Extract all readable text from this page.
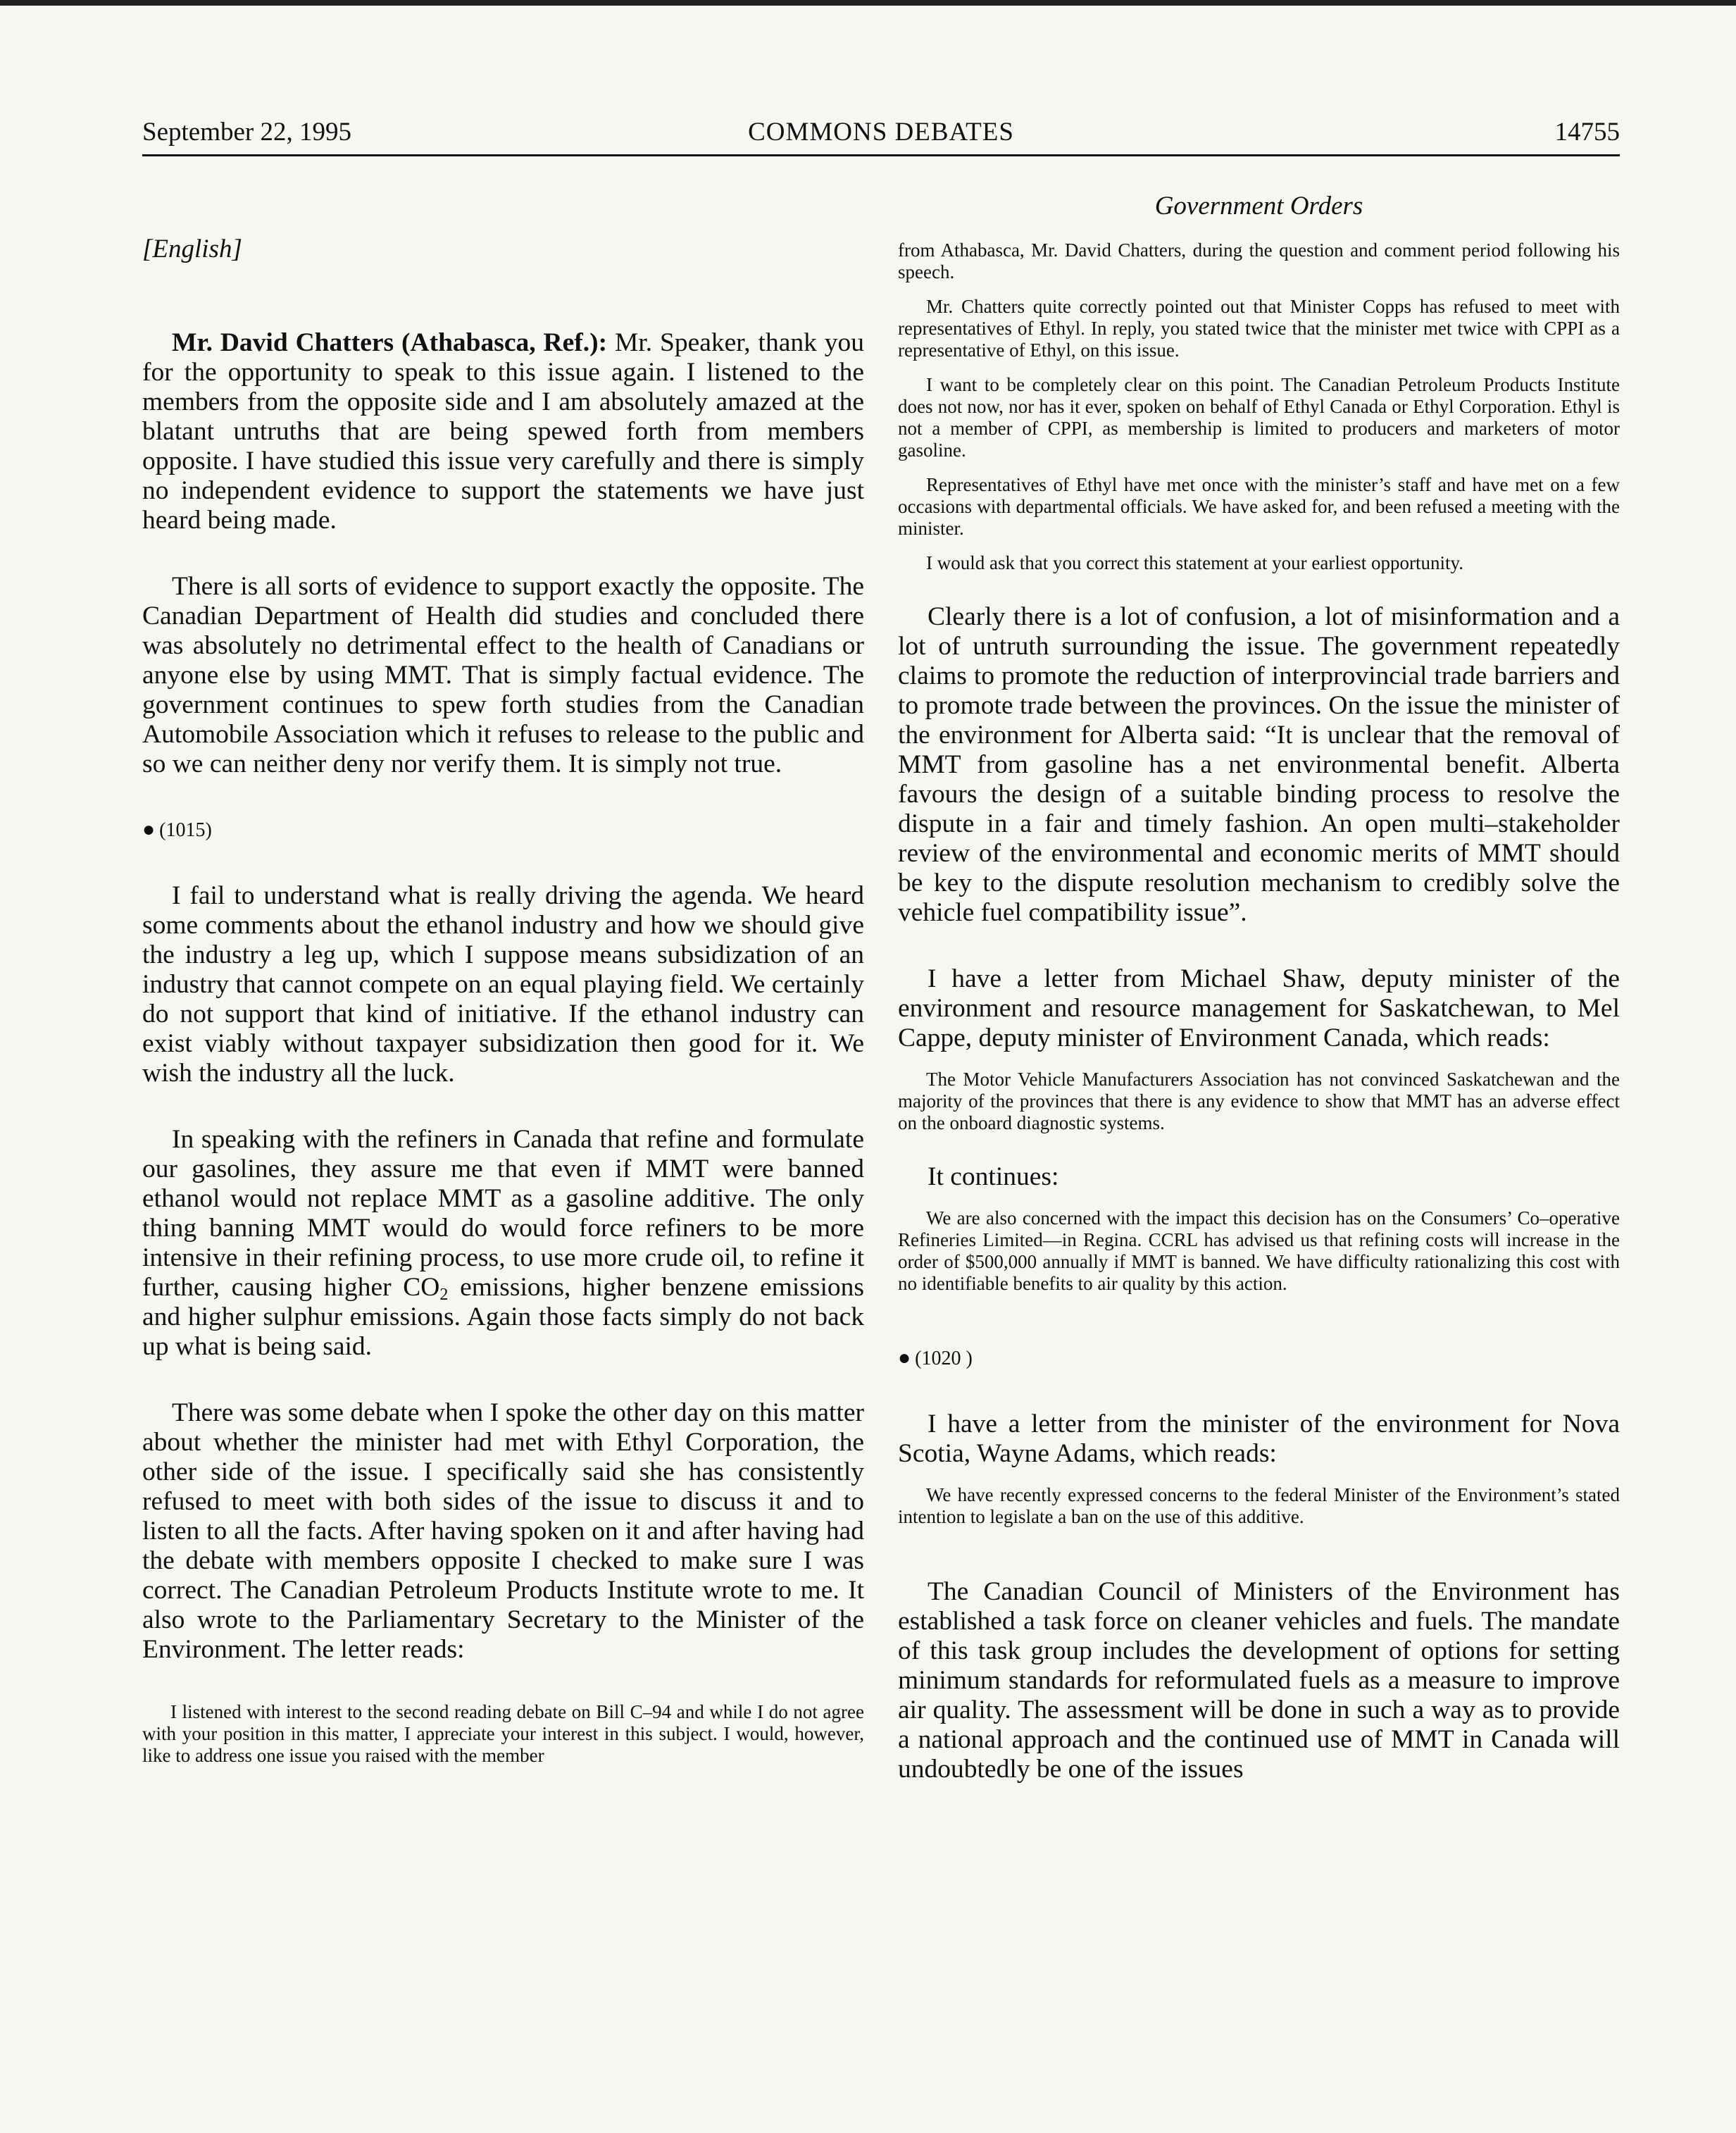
September 22, 1995	COMMONS DEBATES	14755
Government Orders

[English]

Mr. David Chatters (Athabasca, Ref.): Mr. Speaker, thank you for the opportunity to speak to this issue again. I listened to the members from the opposite side and I am absolutely amazed at the blatant untruths that are being spewed forth from members opposite. I have studied this issue very carefully and there is simply no independent evidence to support the statements we have just heard being made.

There is all sorts of evidence to support exactly the opposite. The Canadian Department of Health did studies and concluded there was absolutely no detrimental effect to the health of Canadians or anyone else by using MMT. That is simply factual evidence. The government continues to spew forth studies from the Canadian Automobile Association which it refuses to release to the public and so we can neither deny nor verify them. It is simply not true.

● (1015)

I fail to understand what is really driving the agenda. We heard some comments about the ethanol industry and how we should give the industry a leg up, which I suppose means subsidization of an industry that cannot compete on an equal playing field. We certainly do not support that kind of initiative. If the ethanol industry can exist viably without taxpayer subsidization then good for it. We wish the industry all the luck.

In speaking with the refiners in Canada that refine and formulate our gasolines, they assure me that even if MMT were banned ethanol would not replace MMT as a gasoline additive. The only thing banning MMT would do would force refiners to be more intensive in their refining process, to use more crude oil, to refine it further, causing higher $CO_2$ emissions, higher benzene emissions and higher sulphur emissions. Again those facts simply do not back up what is being said.

There was some debate when I spoke the other day on this matter about whether the minister had met with Ethyl Corporation, the other side of the issue. I specifically said she has consistently refused to meet with both sides of the issue to discuss it and to listen to all the facts. After having spoken on it and after having had the debate with members opposite I checked to make sure I was correct. The Canadian Petroleum Products Institute wrote to me. It also wrote to the Parliamentary Secretary to the Minister of the Environment. The letter reads:

I listened with interest to the second reading debate on Bill C–94 and while I do not agree with your position in this matter, I appreciate your interest in this subject. I would, however, like to address one issue you raised with the member

from Athabasca, Mr. David Chatters, during the question and comment period following his speech.

Mr. Chatters quite correctly pointed out that Minister Copps has refused to meet with representatives of Ethyl. In reply, you stated twice that the minister met twice with CPPI as a representative of Ethyl, on this issue.

I want to be completely clear on this point. The Canadian Petroleum Products Institute does not now, nor has it ever, spoken on behalf of Ethyl Canada or Ethyl Corporation. Ethyl is not a member of CPPI, as membership is limited to producers and marketers of motor gasoline.

Representatives of Ethyl have met once with the minister’s staff and have met on a few occasions with departmental officials. We have asked for, and been refused a meeting with the minister.

I would ask that you correct this statement at your earliest opportunity.

Clearly there is a lot of confusion, a lot of misinformation and a lot of untruth surrounding the issue. The government repeatedly claims to promote the reduction of interprovincial trade barriers and to promote trade between the provinces. On the issue the minister of the environment for Alberta said: “It is unclear that the removal of MMT from gasoline has a net environmental benefit. Alberta favours the design of a suitable binding process to resolve the dispute in a fair and timely fashion. An open multi–stakeholder review of the environmental and economic merits of MMT should be key to the dispute resolution mechanism to credibly solve the vehicle fuel compatibility issue”.

I have a letter from Michael Shaw, deputy minister of the environment and resource management for Saskatchewan, to Mel Cappe, deputy minister of Environment Canada, which reads:

The Motor Vehicle Manufacturers Association has not convinced Saskatchewan and the majority of the provinces that there is any evidence to show that MMT has an adverse effect on the onboard diagnostic systems.

It continues:

We are also concerned with the impact this decision has on the Consumers’ Co–operative Refineries Limited—in Regina. CCRL has advised us that refining costs will increase in the order of $500,000 annually if MMT is banned. We have difficulty rationalizing this cost with no identifiable benefits to air quality by this action.

● (1020 )

I have a letter from the minister of the environment for Nova Scotia, Wayne Adams, which reads:

We have recently expressed concerns to the federal Minister of the Environment’s stated intention to legislate a ban on the use of this additive.

The Canadian Council of Ministers of the Environment has established a task force on cleaner vehicles and fuels. The mandate of this task group includes the development of options for setting minimum standards for reformulated fuels as a measure to improve air quality. The assessment will be done in such a way as to provide a national approach and the continued use of MMT in Canada will undoubtedly be one of the issues
